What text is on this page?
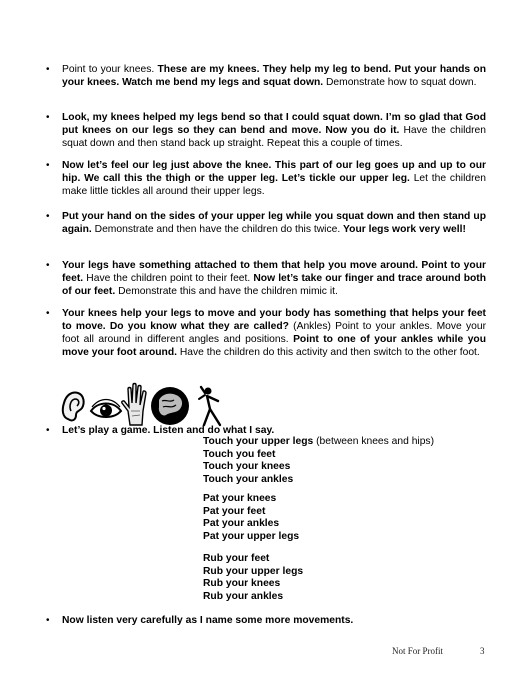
• Point to your knees. These are my knees. They help my leg to bend. Put your hands on your knees. Watch me bend my legs and squat down. Demonstrate how to squat down.
• Look, my knees helped my legs bend so that I could squat down. I’m so glad that God put knees on our legs so they can bend and move. Now you do it. Have the children squat down and then stand back up straight. Repeat this a couple of times.
• Now let’s feel our leg just above the knee. This part of our leg goes up and up to our hip. We call this the thigh or the upper leg. Let’s tickle our upper leg. Let the children make little tickles all around their upper legs.
• Put your hand on the sides of your upper leg while you squat down and then stand up again. Demonstrate and then have the children do this twice. Your legs work very well!
• Your legs have something attached to them that help you move around. Point to your feet. Have the children point to their feet. Now let’s take our finger and trace around both of our feet. Demonstrate this and have the children mimic it.
• Your knees help your legs to move and your body has something that helps your feet to move. Do you know what they are called? (Ankles) Point to your ankles. Move your foot all around in different angles and positions. Point to one of your ankles while you move your foot around. Have the children do this activity and then switch to the other foot.
• Let’s play a game. Listen and do what I say.
Touch your upper legs (between knees and hips)
Touch you feet
Touch your knees
Touch your ankles
Pat your knees
Pat your feet
Pat your ankles
Pat your upper legs
Rub your feet
Rub your upper legs
Rub your knees
Rub your ankles
• Now listen very carefully as I name some more movements.
Not For Profit	3
